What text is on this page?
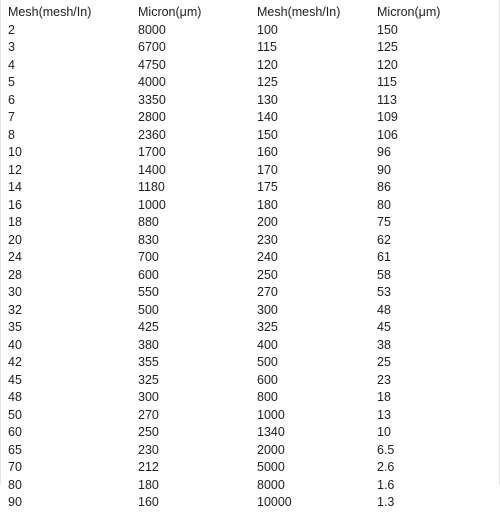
Mesh(mesh/In)	Micron(μm)	Mesh(mesh/In)	Micron(μm)
2	8000	100	150
3	6700	115	125
4	4750	120	120
5	4000	125	115
6	3350	130	113
7	2800	140	109
8	2360	150	106
10	1700	160	96
12	1400	170	90
14	1180	175	86
16	1000	180	80
18	880	200	75
20	830	230	62
24	700	240	61
28	600	250	58
30	550	270	53
32	500	300	48
35	425	325	45
40	380	400	38
42	355	500	25
45	325	600	23
48	300	800	18
50	270	1000	13
60	250	1340	10
65	230	2000	6.5
70	212	5000	2.6
80	180	8000	1.6
90	160	10000	1.3
